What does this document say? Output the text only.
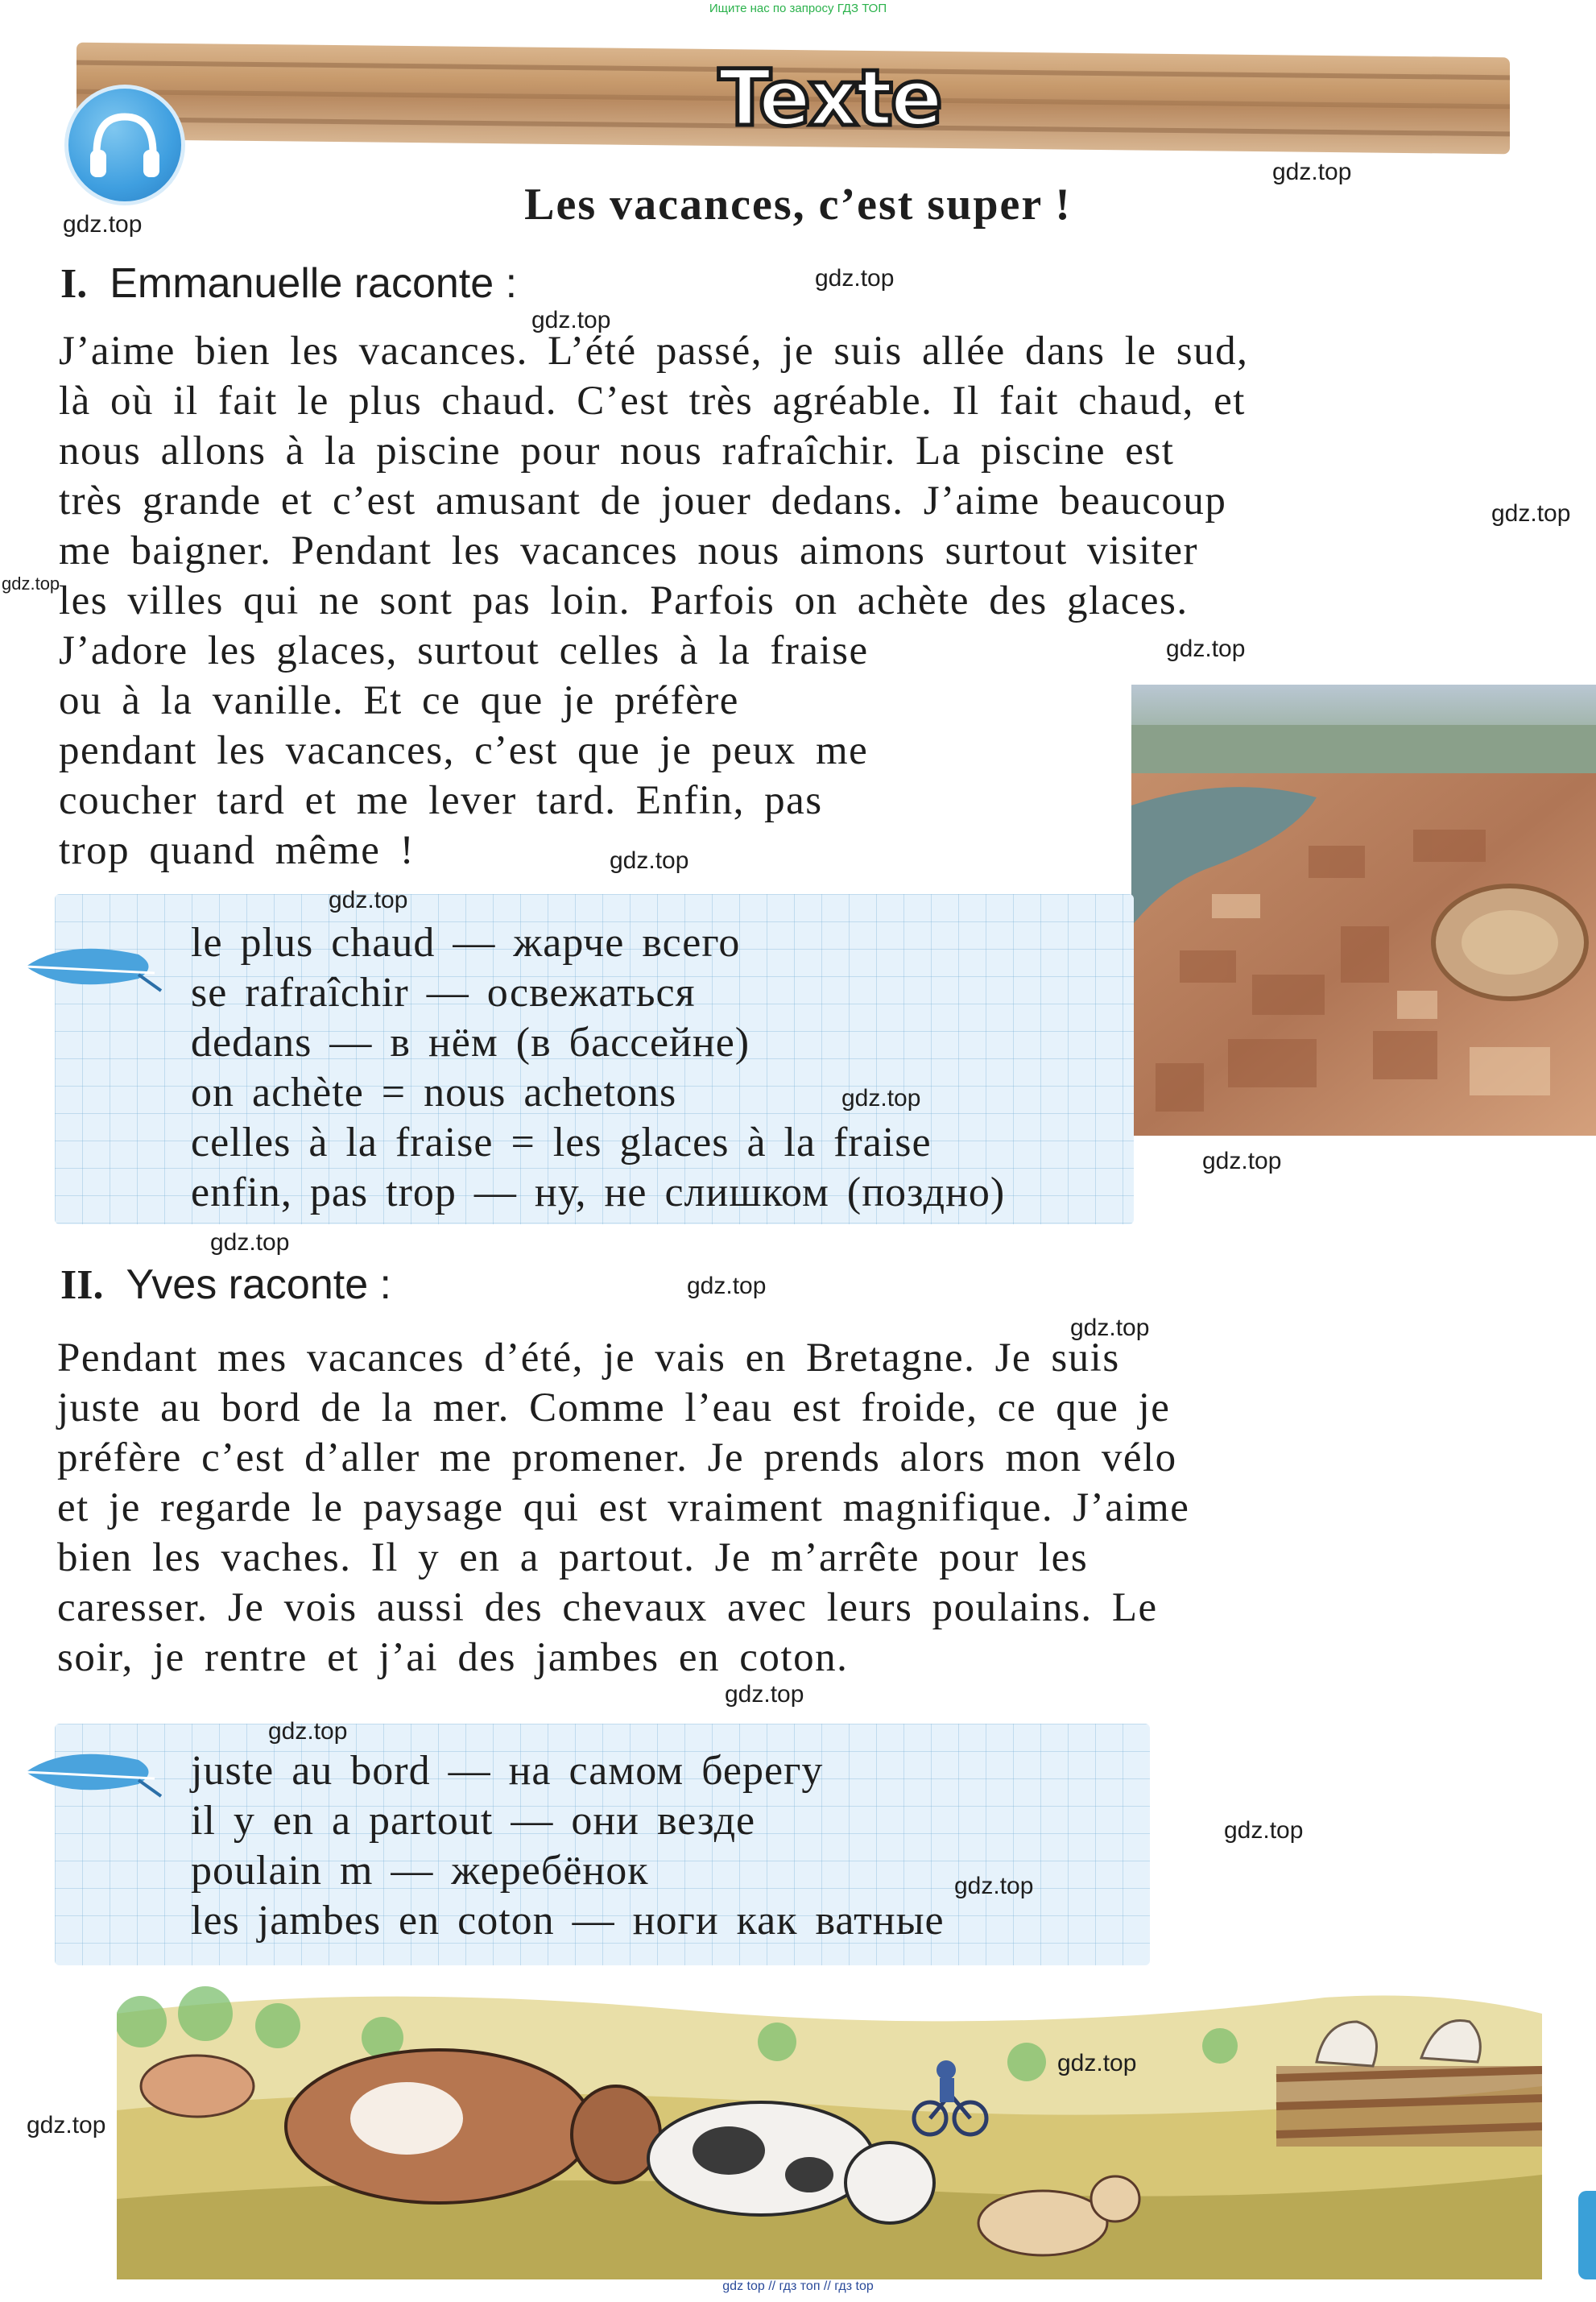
Ищите нас по запросу ГДЗ ТОП
Texte
Les vacances, c’est super !
I. Emmanuelle raconte :
J’aime bien les vacances. L’été passé, je suis allée dans le sud,
là où il fait le plus chaud. C’est très agréable. Il fait chaud, et
nous allons à la piscine pour nous rafraîchir. La piscine est
très grande et c’est amusant de jouer dedans. J’aime beaucoup
me baigner. Pendant les vacances nous aimons surtout visiter
les villes qui ne sont pas loin. Parfois on achète des glaces.
J’adore les glaces, surtout celles à la fraise
ou à la vanille. Et ce que je préfère
pendant les vacances, c’est que je peux me
coucher tard et me lever tard. Enfin, pas
trop quand même !
le plus chaud — жарче всего
se rafraîchir — освежаться
dedans — в нём (в бассейне)
on achète = nous achetons
celles à la fraise = les glaces à la fraise
enfin, pas trop — ну, не слишком (поздно)
II. Yves raconte :
Pendant mes vacances d’été, je vais en Bretagne. Je suis
juste au bord de la mer. Comme l’eau est froide, ce que je
préfère c’est d’aller me promener. Je prends alors mon vélo
et je regarde le paysage qui est vraiment magnifique. J’aime
bien les vaches. Il y en a partout. Je m’arrête pour les
caresser. Je vois aussi des chevaux avec leurs poulains. Le
soir, je rentre et j’ai des jambes en coton.
juste au bord — на самом берегу
il y en a partout — они везде
poulain m — жеребёнок
les jambes en coton — ноги как ватные
gdz.top
gdz.top
gdz.top
gdz.top
gdz.top
gdz.top
gdz.top
gdz.top
gdz.top
gdz.top
gdz.top
gdz.top
gdz.top
gdz.top
gdz.top
gdz.top
gdz.top
gdz.top
gdz.top
gdz.top
gdz top // гдз топ // гдз top
